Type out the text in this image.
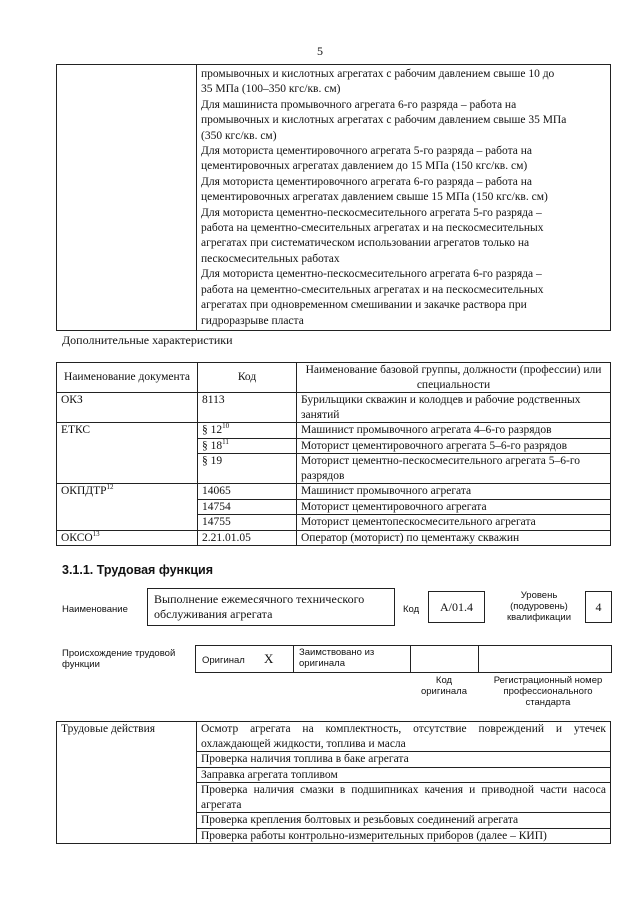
5

промывочных и кислотных агрегатах с рабочим давлением свыше 10 до
35 МПа (100–350 кгс/кв. см)
Для машиниста промывочного агрегата 6-го разряда – работа на
промывочных и кислотных агрегатах с рабочим давлением свыше 35 МПа
(350 кгс/кв. см)
Для моториста цементировочного агрегата 5-го разряда – работа на
цементировочных агрегатах давлением до 15 МПа (150 кгс/кв. см)
Для моториста цементировочного агрегата 6-го разряда – работа на
цементировочных агрегатах давлением свыше 15 МПа (150 кгс/кв. см)
Для моториста цементно-пескосмесительного агрегата 5-го разряда –
работа на цементно-смесительных агрегатах и на пескосмесительных
агрегатах при систематическом использовании агрегатов только на
пескосмесительных работах
Для моториста цементно-пескосмесительного агрегата 6-го разряда –
работа на цементно-смесительных агрегатах и на пескосмесительных
агрегатах при одновременном смешивании и закачке раствора при
гидроразрыве пласта
Дополнительные характеристики
Наименование документа	Код	Наименование базовой группы, должности (профессии) или специальности
ОКЗ	8113	Бурильщики скважин и колодцев и рабочие родственных занятий
ЕТКС	§ $12^{10}$	Машинист промывочного агрегата 4–6-го разрядов
	§ $18^{11}$	Моторист цементировочного агрегата 5–6-го разрядов
	§ 19	Моторист цементно-пескосмесительного агрегата 5–6-го разрядов
ОКПДТР$^{12}$	14065	Машинист промывочного агрегата
	14754	Моторист цементировочного агрегата
	14755	Моторист цементопескосмесительного агрегата
ОКСО$^{13}$	2.21.01.05	Оператор (моторист) по цементажу скважин
3.1.1. Трудовая функция
Наименование
Выполнение ежемесячного технического обслуживания агрегата	Код	А/01.4
Уровень (подуровень) квалификации
4
Происхождение трудовой функции	Оригинал X	Заимствовано из оригинала
Код оригинала
Регистрационный номер профессионального стандарта
Трудовые действия	Осмотр агрегата на комплектность, отсутствие повреждений и утечек охлаждающей жидкости, топлива и масла
Проверка наличия топлива в баке агрегата
Заправка агрегата топливом
Проверка наличия смазки в подшипниках качения и приводной части насоса агрегата
Проверка крепления болтовых и резьбовых соединений агрегата
Проверка работы контрольно-измерительных приборов (далее – КИП)
